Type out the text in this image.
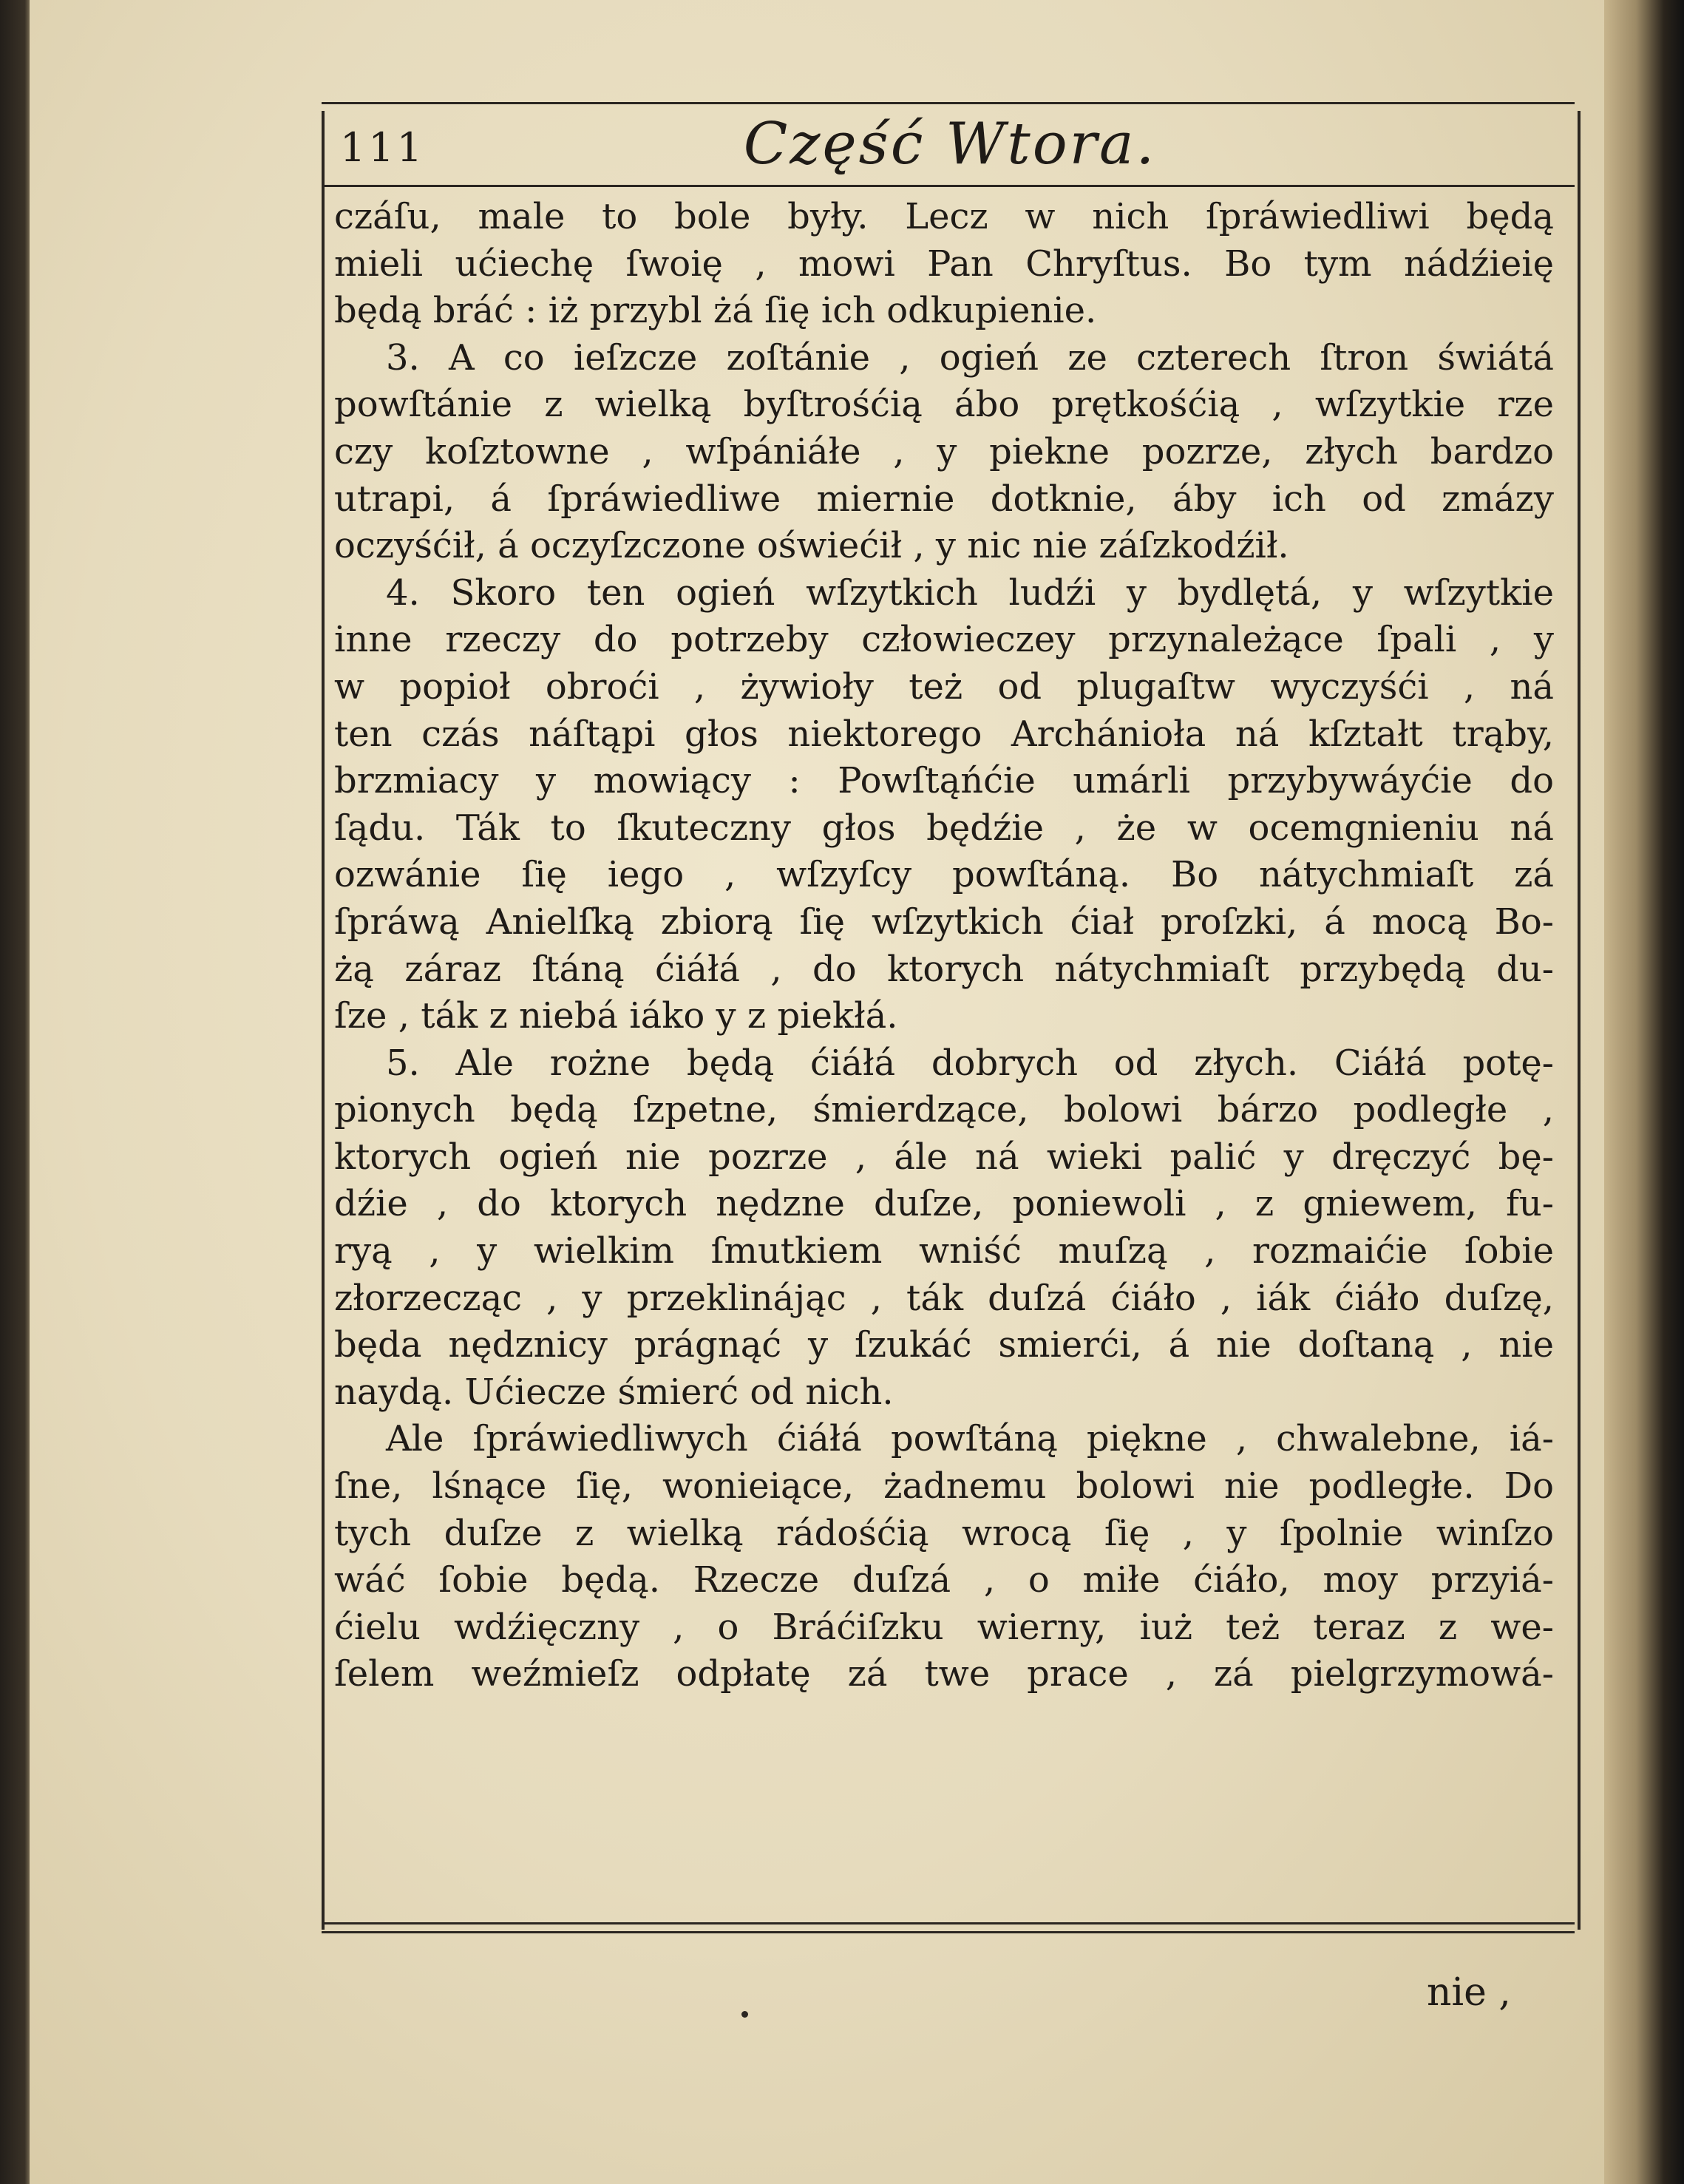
111	Część Wtora.
czáſu, male to bole były. Lecz w nich ſpráwiedliwi będą
mieli ućiechę ſwoię , mowi Pan Chryſtus. Bo tym nádźieię
będą bráć : iż przybl żá ſię ich odkupienie.
3. A co ieſzcze zoſtánie , ogień ze czterech ſtron świátá
powſtánie z wielką byſtrośćią ábo prętkośćią , wſzytkie rze
czy koſztowne , wſpániáłe , y piekne pozrze, złych bardzo
utrapi, á ſpráwiedliwe miernie dotknie, áby ich od zmázy
oczyśćił, á oczyſzczone oświećił , y nic nie záſzkodźił.
4. Skoro ten ogień wſzytkich ludźi y bydlętá, y wſzytkie
inne rzeczy do potrzeby człowieczey przynależące ſpali , y
w popioł obroći , żywioły też od plugaſtw wyczyśći , ná
ten czás náſtąpi głos niektorego Archánioła ná kſztałt trąby,
brzmiacy y mowiący : Powſtąńćie umárli przybywáyćie do
ſądu. Ták to ſkuteczny głos będźie , że w ocemgnieniu ná
ozwánie ſię iego , wſzyſcy powſtáną. Bo nátychmiaſt zá
ſpráwą Anielſką zbiorą ſię wſzytkich ćiał proſzki, á mocą Bo-
żą záraz ſtáną ćiáłá , do ktorych nátychmiaſt przybędą du-
ſze , ták z niebá iáko y z piekłá.
5. Ale rożne będą ćiáłá dobrych od złych. Ciáłá potę-
pionych będą ſzpetne, śmierdzące, bolowi bárzo podległe ,
ktorych ogień nie pozrze , ále ná wieki palić y dręczyć bę-
dźie , do ktorych nędzne duſze, poniewoli , z gniewem, fu-
ryą , y wielkim ſmutkiem wniść muſzą , rozmaićie ſobie
złorzecząc , y przeklinájąc , ták duſzá ćiáło , iák ćiáło duſzę,
będa nędznicy prágnąć y ſzukáć smierći, á nie doſtaną , nie
naydą. Ućiecze śmierć od nich.
Ale ſpráwiedliwych ćiáłá powſtáną piękne , chwalebne, iá-
ſne, lśnące ſię, wonieiące, żadnemu bolowi nie podległe. Do
tych duſze z wielką rádośćią wrocą ſię , y ſpolnie winſzo
wáć ſobie będą. Rzecze duſzá , o miłe ćiáło, moy przyiá-
ćielu wdźięczny , o Bráćiſzku wierny, iuż też teraz z we-
ſelem weźmieſz odpłatę zá twe prace , zá pielgrzymowá-
nie ,
